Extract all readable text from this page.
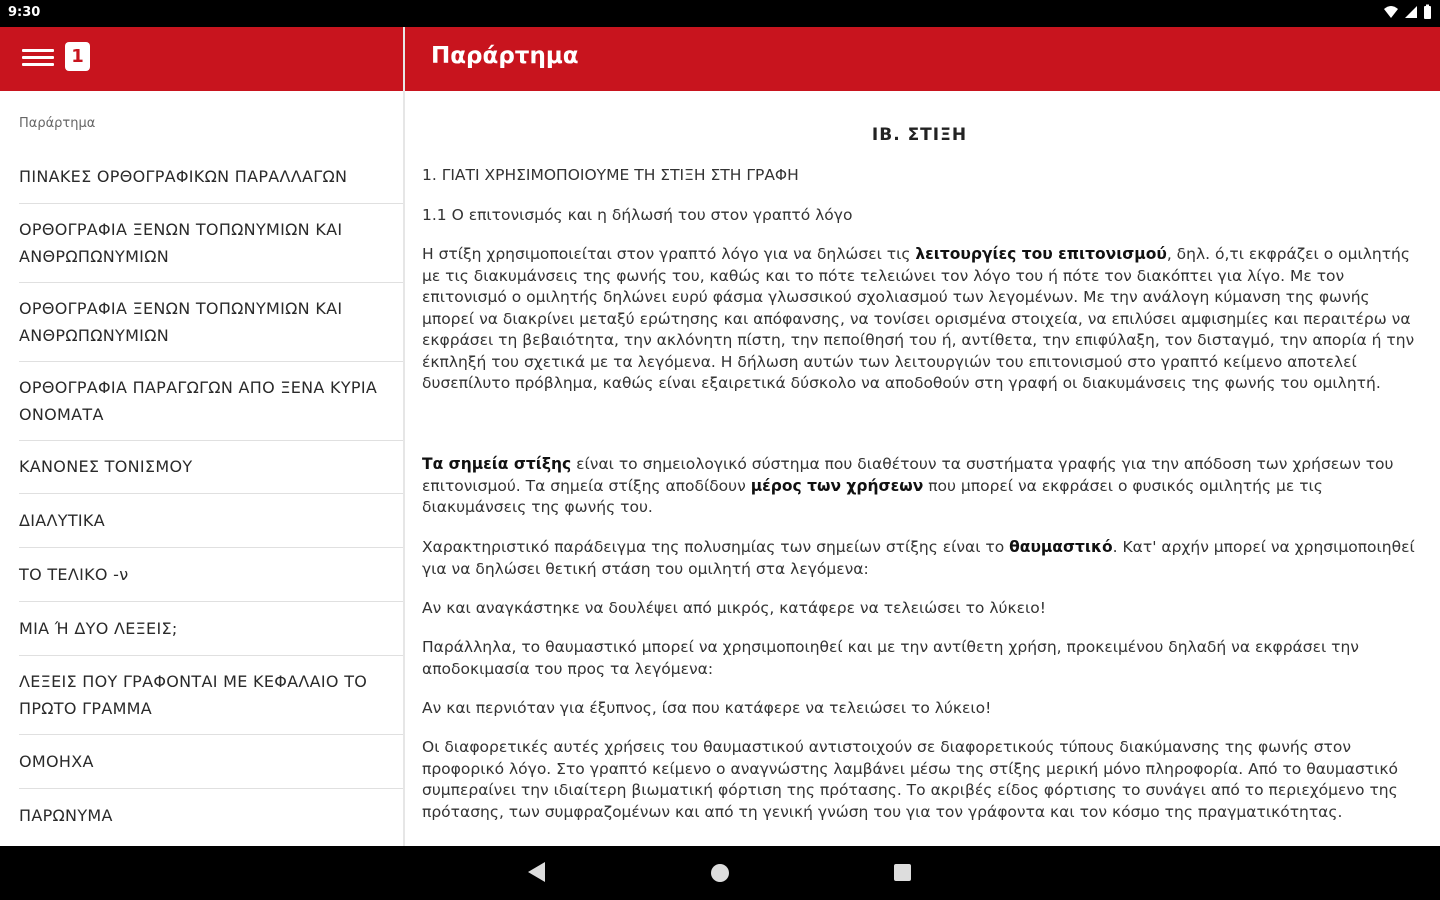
9:30
1	Παράρτημα
Παράρτημα
ΠΙΝΑΚΕΣ ΟΡΘΟΓΡΑΦΙΚΩΝ ΠΑΡΑΛΛΑΓΩΝ
ΟΡΘΟΓΡΑΦΙΑ ΞΕΝΩΝ ΤΟΠΩΝΥΜΙΩΝ ΚΑΙ ΑΝΘΡΩΠΩΝΥΜΙΩΝ
ΟΡΘΟΓΡΑΦΙΑ ΞΕΝΩΝ ΤΟΠΩΝΥΜΙΩΝ ΚΑΙ ΑΝΘΡΩΠΩΝΥΜΙΩΝ
ΟΡΘΟΓΡΑΦΙΑ ΠΑΡΑΓΩΓΩΝ ΑΠΟ ΞΕΝΑ ΚΥΡΙΑ ΟΝΟΜΑΤΑ
ΚΑΝΟΝΕΣ ΤΟΝΙΣΜΟΥ
ΔΙΑΛΥΤΙΚΑ
ΤΟ ΤΕΛΙΚΟ -ν
ΜΙΑ Ή ΔΥΟ ΛΕΞΕΙΣ;
ΛΕΞΕΙΣ ΠΟΥ ΓΡΑΦΟΝΤΑΙ ΜΕ ΚΕΦΑΛΑΙΟ ΤΟ ΠΡΩΤΟ ΓΡΑΜΜΑ
ΟΜΟΗΧΑ
ΠΑΡΩΝΥΜΑ
ΙΒ. ΣΤΙΞΗ
1. ΓΙΑΤΙ ΧΡΗΣΙΜΟΠΟΙΟΥΜΕ ΤΗ ΣΤΙΞΗ ΣΤΗ ΓΡΑΦΗ
1.1 Ο επιτονισμός και η δήλωσή του στον γραπτό λόγο
Η στίξη χρησιμοποιείται στον γραπτό λόγο για να δηλώσει τις λειτουργίες του επιτονισμού, δηλ. ό,τι εκφράζει ο ομιλητής με τις διακυμάνσεις της φωνής του, καθώς και το πότε τελειώνει τον λόγο του ή πότε τον διακόπτει για λίγο. Με τον επιτονισμό ο ομιλητής δηλώνει ευρύ φάσμα γλωσσικού σχολιασμού των λεγομένων. Με την ανάλογη κύμανση της φωνής μπορεί να διακρίνει μεταξύ ερώτησης και απόφανσης, να τονίσει ορισμένα στοιχεία, να επιλύσει αμφισημίες και περαιτέρω να εκφράσει τη βεβαιότητα, την ακλόνητη πίστη, την πεποίθησή του ή, αντίθετα, την επιφύλαξη, τον δισταγμό, την απορία ή την έκπληξή του σχετικά με τα λεγόμενα. Η δήλωση αυτών των λειτουργιών του επιτονισμού στο γραπτό κείμενο αποτελεί δυσεπίλυτο πρόβλημα, καθώς είναι εξαιρετικά δύσκολο να αποδοθούν στη γραφή οι διακυμάνσεις της φωνής του ομιλητή.
Τα σημεία στίξης είναι το σημειολογικό σύστημα που διαθέτουν τα συστήματα γραφής για την απόδοση των χρήσεων του επιτονισμού. Τα σημεία στίξης αποδίδουν μέρος των χρήσεων που μπορεί να εκφράσει ο φυσικός ομιλητής με τις διακυμάνσεις της φωνής του.
Χαρακτηριστικό παράδειγμα της πολυσημίας των σημείων στίξης είναι το θαυμαστικό. Κατ' αρχήν μπορεί να χρησιμοποιηθεί για να δηλώσει θετική στάση του ομιλητή στα λεγόμενα:
Αν και αναγκάστηκε να δουλέψει από μικρός, κατάφερε να τελειώσει το λύκειο!
Παράλληλα, το θαυμαστικό μπορεί να χρησιμοποιηθεί και με την αντίθετη χρήση, προκειμένου δηλαδή να εκφράσει την αποδοκιμασία του προς τα λεγόμενα:
Αν και περνιόταν για έξυπνος, ίσα που κατάφερε να τελειώσει το λύκειο!
Οι διαφορετικές αυτές χρήσεις του θαυμαστικού αντιστοιχούν σε διαφορετικούς τύπους διακύμανσης της φωνής στον προφορικό λόγο. Στο γραπτό κείμενο ο αναγνώστης λαμβάνει μέσω της στίξης μερική μόνο πληροφορία. Από το θαυμαστικό συμπεραίνει την ιδιαίτερη βιωματική φόρτιση της πρότασης. Το ακριβές είδος φόρτισης το συνάγει από το περιεχόμενο της πρότασης, των συμφραζομένων και από τη γενική γνώση του για τον γράφοντα και τον κόσμο της πραγματικότητας.
